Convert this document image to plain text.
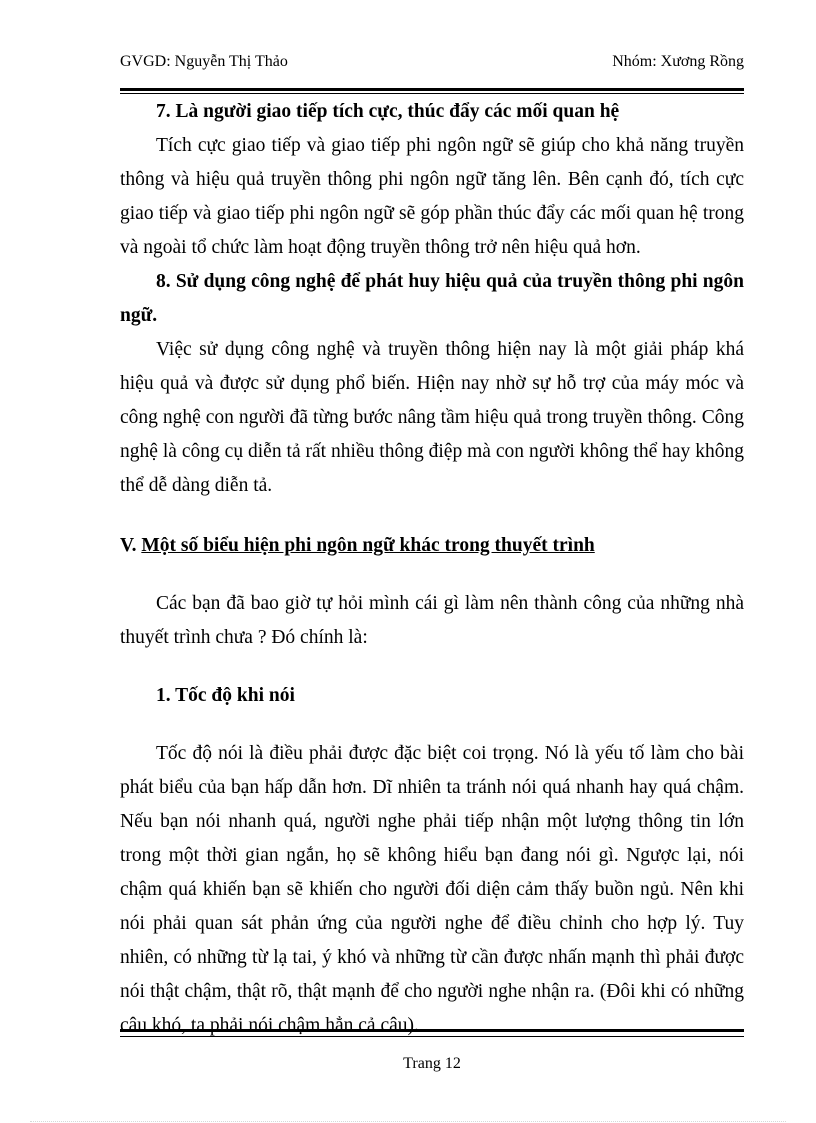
GVGD: Nguyễn Thị Thảo	Nhóm: Xương Rồng

7. Là người giao tiếp tích cực, thúc đẩy các mối quan hệ

Tích cực giao tiếp và giao tiếp phi ngôn ngữ sẽ giúp cho khả năng truyền thông và hiệu quả truyền thông phi ngôn ngữ tăng lên. Bên cạnh đó, tích cực giao tiếp và giao tiếp phi ngôn ngữ sẽ góp phần thúc đẩy các mối quan hệ trong và ngoài tổ chức làm hoạt động truyền thông trở nên hiệu quả hơn.

8. Sử dụng công nghệ để phát huy hiệu quả của truyền thông phi ngôn ngữ.

Việc sử dụng công nghệ và truyền thông hiện nay là một giải pháp khá hiệu quả và được sử dụng phổ biến. Hiện nay nhờ sự hỗ trợ của máy móc và công nghệ con người đã từng bước nâng tầm hiệu quả trong truyền thông. Công nghệ là công cụ diễn tả rất nhiều thông điệp mà con người không thể hay không thể dễ dàng diễn tả.

V. Một số biểu hiện phi ngôn ngữ khác trong thuyết trình

Các bạn đã bao giờ tự hỏi mình cái gì làm nên thành công của những nhà thuyết trình chưa ? Đó chính là:

1. Tốc độ khi nói

Tốc độ nói là điều phải được đặc biệt coi trọng. Nó là yếu tố làm cho bài phát biểu của bạn hấp dẫn hơn. Dĩ nhiên ta tránh nói quá nhanh hay quá chậm. Nếu bạn nói nhanh quá, người nghe phải tiếp nhận một lượng thông tin lớn trong một thời gian ngắn, họ sẽ không hiểu bạn đang nói gì. Ngược lại, nói chậm quá khiến bạn sẽ khiến cho người đối diện cảm thấy buồn ngủ. Nên khi nói phải quan sát phản ứng của người nghe để điều chỉnh cho hợp lý. Tuy nhiên, có những từ lạ tai, ý khó và những từ cần được nhấn mạnh thì phải được nói thật chậm, thật rõ, thật mạnh để cho người nghe nhận ra. (Đôi khi có những câu khó, ta phải nói chậm hẳn cả câu).

Trang 12
